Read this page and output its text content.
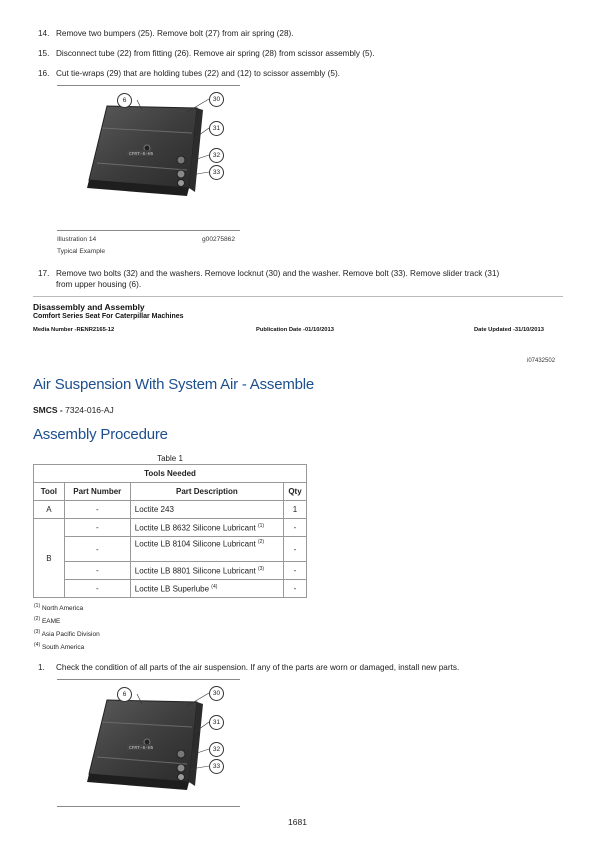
14. Remove two bumpers (25). Remove bolt (27) from air spring (28).
15. Disconnect tube (22) from fitting (26). Remove air spring (28) from scissor assembly (5).
16. Cut tie-wraps (29) that are holding tubes (22) and (12) to scissor assembly (5).
CFRT-6-H5
6	30
31
32
33
Illustration 14	g00275862
Typical Example
17. Remove two bolts (32) and the washers. Remove locknut (30) and the washer. Remove bolt (33). Remove slider track (31)
from upper housing (6).
Disassembly and Assembly
Comfort Series Seat For Caterpillar Machines
Media Number -RENR2165-12	Publication Date -01/10/2013	Date Updated -31/10/2013
i07432502
Air Suspension With System Air - Assemble
SMCS - 7324-016-AJ
Assembly Procedure
Table 1
Tools Needed			
Tool	Part Number	Part Description	Qty
A	-	Loctite 243	1
B	-	Loctite LB 8632 Silicone Lubricant $^{(1)}$	-
	-	Loctite LB 8104 Silicone Lubricant $^{(2)}$	-
	-	Loctite LB 8801 Silicone Lubricant $^{(3)}$	-
	-	Loctite LB Superlube $^{(4)}$	-
$^{(1)}$ North America
$^{(2)}$ EAME
$^{(3)}$ Asia Pacific Division
$^{(4)}$ South America
1. Check the condition of all parts of the air suspension. If any of the parts are worn or damaged, install new parts.
CFRT-6-H5
6	30
31
32
33
1681
